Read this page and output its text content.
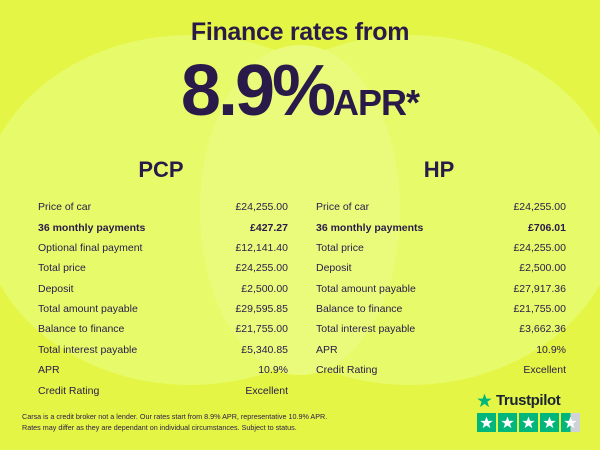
Finance rates from
8.9%APR*
PCP
Price of car	£24,255.00
36 monthly payments	£427.27
Optional final payment	£12,141.40
Total price	£24,255.00
Deposit	£2,500.00
Total amount payable	£29,595.85
Balance to finance	£21,755.00
Total interest payable	£5,340.85
APR	10.9%
Credit Rating	Excellent
HP
Price of car	£24,255.00
36 monthly payments	£706.01
Total price	£24,255.00
Deposit	£2,500.00
Total amount payable	£27,917.36
Balance to finance	£21,755.00
Total interest payable	£3,662.36
APR	10.9%
Credit Rating	Excellent
Carsa is a credit broker not a lender. Our rates start from 8.9% APR, representative 10.9% APR.
Rates may differ as they are dependant on individual circumstances. Subject to status.
Trustpilot
